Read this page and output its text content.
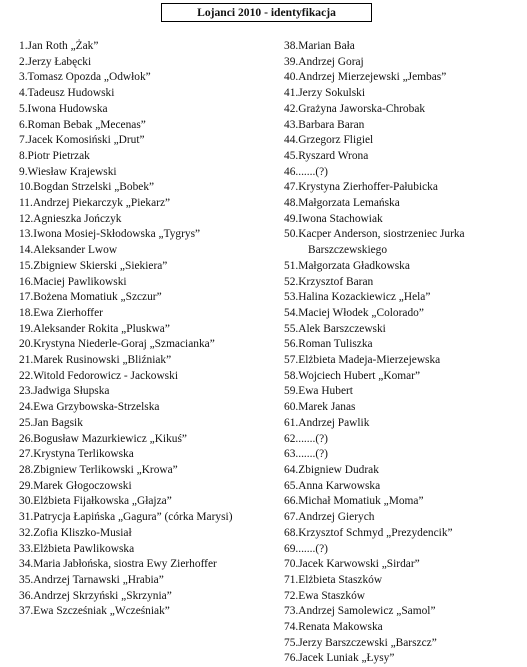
Lojanci 2010 - identyfikacja
1.Jan Roth „Żak”
2.Jerzy Łabęcki
3.Tomasz Opozda „Odwłok”
4.Tadeusz Hudowski
5.Iwona Hudowska
6.Roman Bebak „Mecenas”
7.Jacek Komosiński „Drut”
8.Piotr Pietrzak
9.Wiesław Krajewski
10.Bogdan Strzelski „Bobek”
11.Andrzej Piekarczyk „Piekarz”
12.Agnieszka Jończyk
13.Iwona Mosiej-Skłodowska „Tygrys”
14.Aleksander Lwow
15.Zbigniew Skierski „Siekiera”
16.Maciej Pawlikowski
17.Bożena Momatiuk „Szczur”
18.Ewa Zierhoffer
19.Aleksander Rokita „Pluskwa”
20.Krystyna Niederle-Goraj „Szmacianka”
21.Marek Rusinowski „Bliźniak”
22.Witold Fedorowicz - Jackowski
23.Jadwiga Słupska
24.Ewa Grzybowska-Strzelska
25.Jan Bagsik
26.Bogusław Mazurkiewicz „Kikuś”
27.Krystyna Terlikowska
28.Zbigniew Terlikowski „Krowa”
29.Marek Głogoczowski
30.Elżbieta Fijałkowska „Głajza”
31.Patrycja Łapińska „Gagura” (córka Marysi)
32.Zofia Kliszko-Musiał
33.Elżbieta Pawlikowska
34.Maria Jabłońska, siostra Ewy Zierhoffer
35.Andrzej Tarnawski „Hrabia”
36.Andrzej Skrzyński „Skrzynia”
37.Ewa Szcześniak „Wcześniak”
38.Marian Bała
39.Andrzej Goraj
40.Andrzej Mierzejewski „Jembas”
41.Jerzy Sokulski
42.Grażyna Jaworska-Chrobak
43.Barbara Baran
44.Grzegorz Fligiel
45.Ryszard Wrona
46.......(?)
47.Krystyna Zierhoffer-Pałubicka
48.Małgorzata Lemańska
49.Iwona Stachowiak
50.Kacper Anderson, siostrzeniec Jurka Barszczewskiego
51.Małgorzata Gładkowska
52.Krzysztof Baran
53.Halina Kozackiewicz „Hela”
54.Maciej Włodek „Colorado”
55.Alek Barszczewski
56.Roman Tuliszka
57.Elżbieta Madeja-Mierzejewska
58.Wojciech Hubert „Komar”
59.Ewa Hubert
60.Marek Janas
61.Andrzej Pawlik
62.......(?)
63.......(?)
64.Zbigniew Dudrak
65.Anna Karwowska
66.Michał Momatiuk „Moma”
67.Andrzej Gierych
68.Krzysztof Schmyd „Prezydencik”
69.......(?)
70.Jacek Karwowski „Sirdar”
71.Elżbieta Staszków
72.Ewa Staszków
73.Andrzej Samolewicz „Samol”
74.Renata Makowska
75.Jerzy Barszczewski „Barszcz”
76.Jacek Luniak „Łysy”
